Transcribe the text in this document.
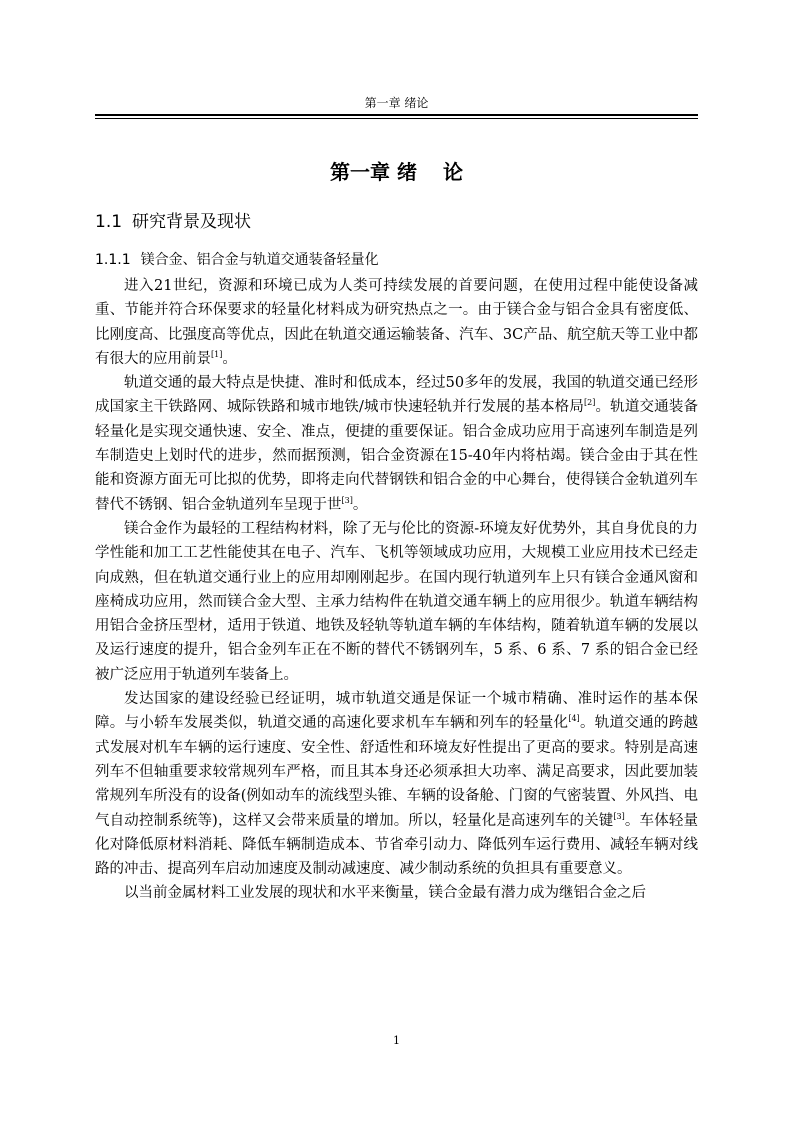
第一章 绪论
第一章 绪 论
1.1 研究背景及现状
1.1.1 镁合金、铝合金与轨道交通装备轻量化

进入21世纪，资源和环境已成为人类可持续发展的首要问题，在使用过程中能使设备减重、节能并符合环保要求的轻量化材料成为研究热点之一。由于镁合金与铝合金具有密度低、比刚度高、比强度高等优点，因此在轨道交通运输装备、汽车、3C产品、航空航天等工业中都有很大的应用前景[1]。

轨道交通的最大特点是快捷、准时和低成本，经过50多年的发展，我国的轨道交通已经形成国家主干铁路网、城际铁路和城市地铁/城市快速轻轨并行发展的基本格局[2]。轨道交通装备轻量化是实现交通快速、安全、准点，便捷的重要保证。铝合金成功应用于高速列车制造是列车制造史上划时代的进步，然而据预测，铝合金资源在15-40年内将枯竭。镁合金由于其在性能和资源方面无可比拟的优势，即将走向代替钢铁和铝合金的中心舞台，使得镁合金轨道列车替代不锈钢、铝合金轨道列车呈现于世[3]。

镁合金作为最轻的工程结构材料，除了无与伦比的资源-环境友好优势外，其自身优良的力学性能和加工工艺性能使其在电子、汽车、飞机等领域成功应用，大规模工业应用技术已经走向成熟，但在轨道交通行业上的应用却刚刚起步。在国内现行轨道列车上只有镁合金通风窗和座椅成功应用，然而镁合金大型、主承力结构件在轨道交通车辆上的应用很少。轨道车辆结构用铝合金挤压型材，适用于铁道、地铁及轻轨等轨道车辆的车体结构，随着轨道车辆的发展以及运行速度的提升，铝合金列车正在不断的替代不锈钢列车，5 系、6 系、7 系的铝合金已经被广泛应用于轨道列车装备上。

发达国家的建设经验已经证明，城市轨道交通是保证一个城市精确、准时运作的基本保障。与小轿车发展类似，轨道交通的高速化要求机车车辆和列车的轻量化[4]。轨道交通的跨越式发展对机车车辆的运行速度、安全性、舒适性和环境友好性提出了更高的要求。特别是高速列车不但轴重要求较常规列车严格，而且其本身还必须承担大功率、满足高要求，因此要加装常规列车所没有的设备(例如动车的流线型头锥、车辆的设备舱、门窗的气密装置、外风挡、电气自动控制系统等)，这样又会带来质量的增加。所以，轻量化是高速列车的关键[3]。车体轻量化对降低原材料消耗、降低车辆制造成本、节省牵引动力、降低列车运行费用、减轻车辆对线路的冲击、提高列车启动加速度及制动减速度、减少制动系统的负担具有重要意义。

以当前金属材料工业发展的现状和水平来衡量，镁合金最有潜力成为继铝合金之后

1
